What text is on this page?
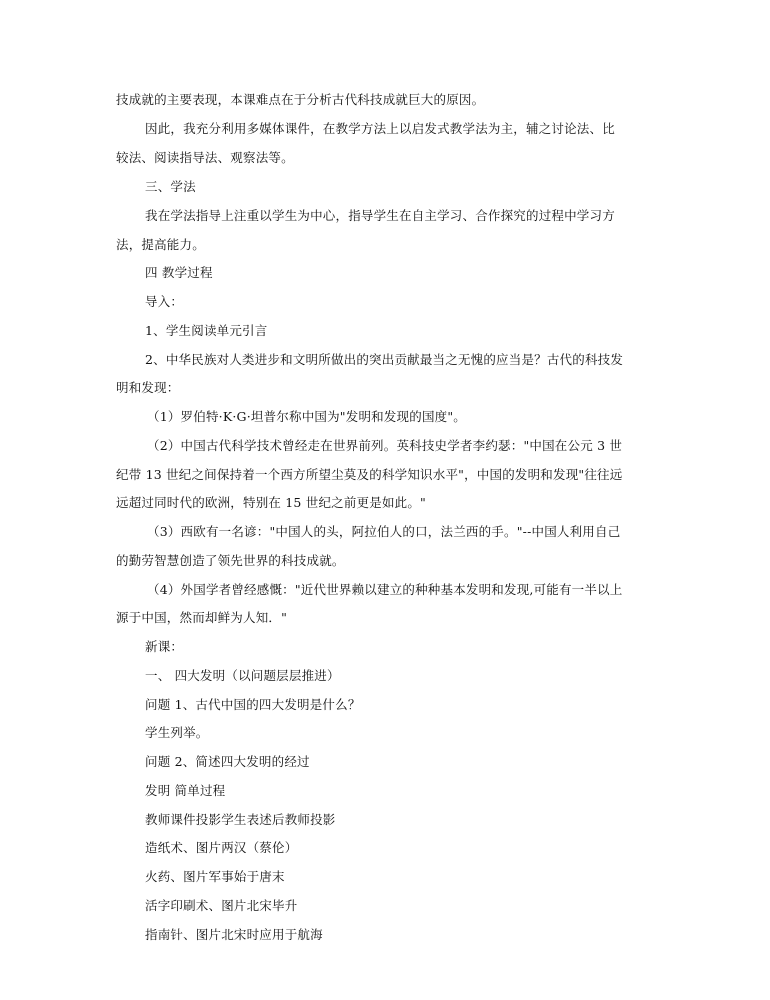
技成就的主要表现，本课难点在于分析古代科技成就巨大的原因。
因此，我充分利用多媒体课件，在教学方法上以启发式教学法为主，辅之讨论法、比
较法、阅读指导法、观察法等。
三、学法
我在学法指导上注重以学生为中心，指导学生在自主学习、合作探究的过程中学习方
法，提高能力。
四 教学过程
导入：
1、学生阅读单元引言
2、中华民族对人类进步和文明所做出的突出贡献最当之无愧的应当是？古代的科技发
明和发现：
（1）罗伯特·K·G·坦普尔称中国为"发明和发现的国度"。
（2）中国古代科学技术曾经走在世界前列。英科技史学者李约瑟："中国在公元 3 世
纪带 13 世纪之间保持着一个西方所望尘莫及的科学知识水平"，中国的发明和发现"往往远
远超过同时代的欧洲，特别在 15 世纪之前更是如此。"
（3）西欧有一名谚："中国人的头，阿拉伯人的口，法兰西的手。"--中国人利用自己
的勤劳智慧创造了领先世界的科技成就。
（4）外国学者曾经感慨："近代世界赖以建立的种种基本发明和发现,可能有一半以上
源于中国，然而却鲜为人知．"
新课：
一、 四大发明（以问题层层推进）
问题 1、古代中国的四大发明是什么？
学生列举。
问题 2、简述四大发明的经过
发明 简单过程
教师课件投影学生表述后教师投影
造纸术、图片两汉（蔡伦）
火药、图片军事始于唐末
活字印刷术、图片北宋毕升
指南针、图片北宋时应用于航海
